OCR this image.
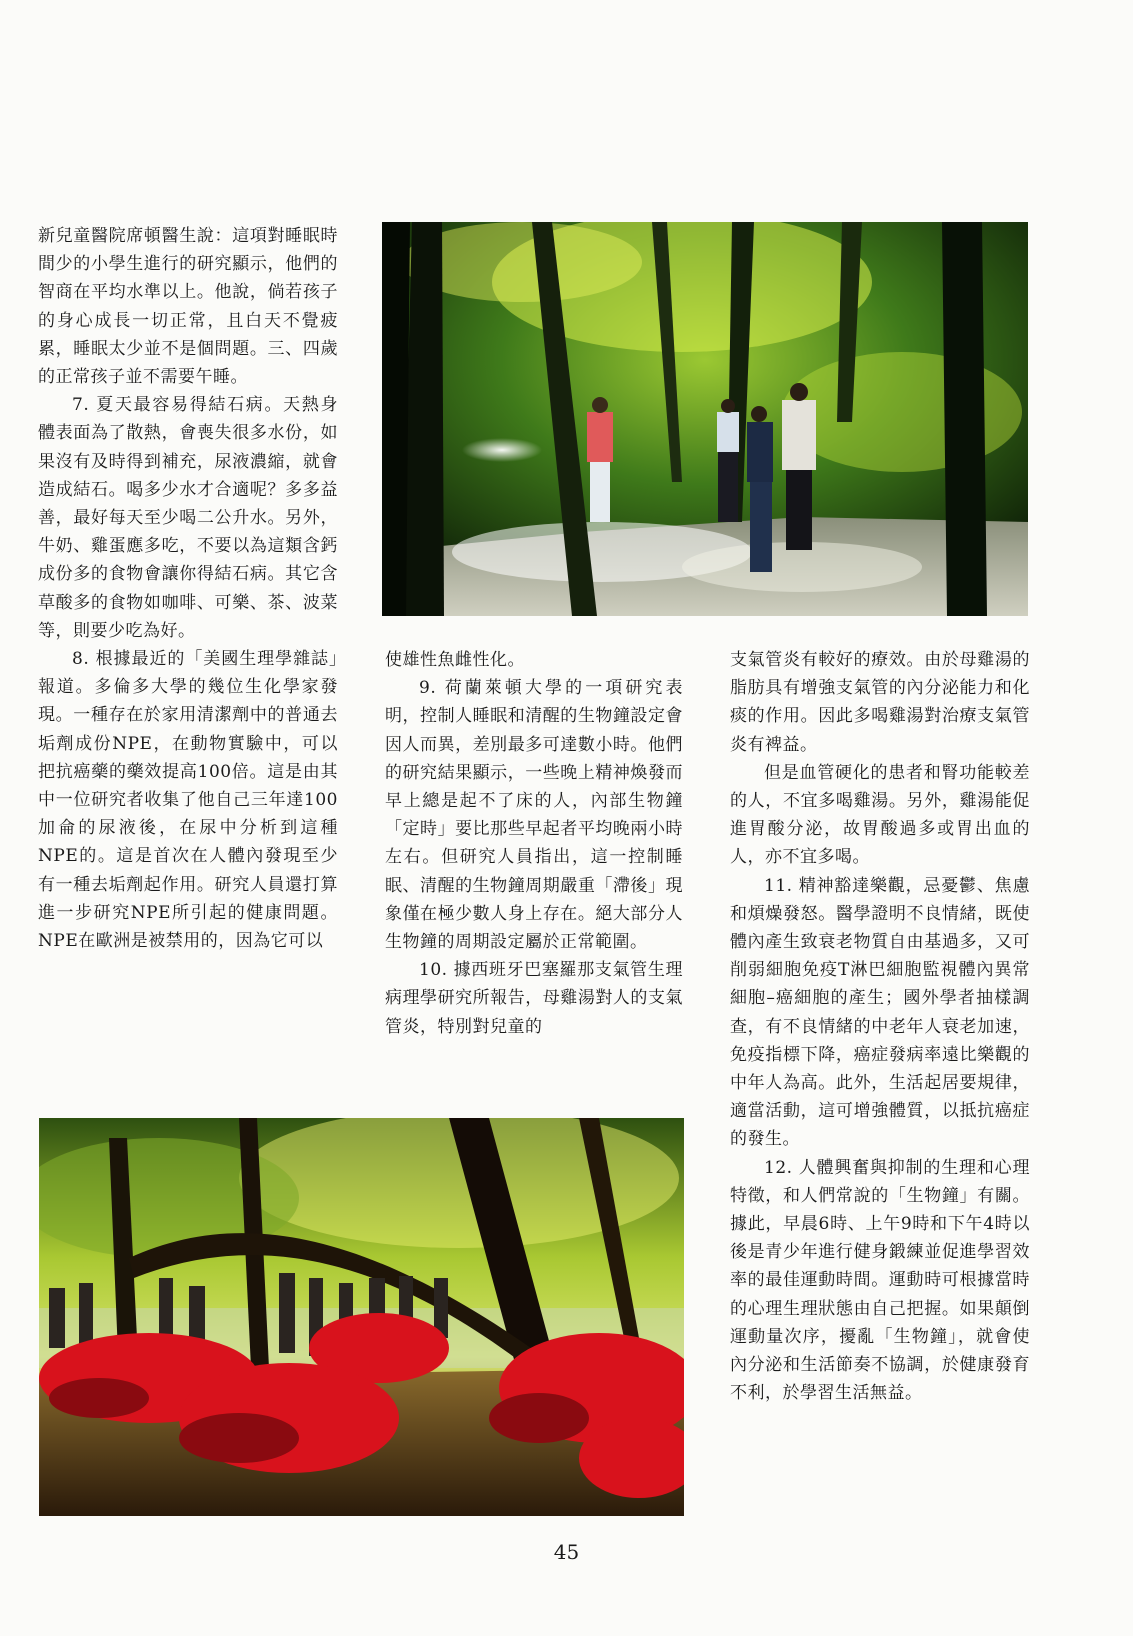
新兒童醫院席頓醫生說：這項對睡眠時間少的小學生進行的研究顯示，他們的智商在平均水準以上。他說，倘若孩子的身心成長一切正常，且白天不覺疲累，睡眠太少並不是個問題。三、四歲的正常孩子並不需要午睡。

7. 夏天最容易得結石病。天熱身體表面為了散熱，會喪失很多水份，如果沒有及時得到補充，尿液濃縮，就會造成結石。喝多少水才合適呢？多多益善，最好每天至少喝二公升水。另外，牛奶、雞蛋應多吃，不要以為這類含鈣成份多的食物會讓你得結石病。其它含草酸多的食物如咖啡、可樂、茶、波菜等，則要少吃為好。

8. 根據最近的「美國生理學雜誌」報道。多倫多大學的幾位生化學家發現。一種存在於家用清潔劑中的普通去垢劑成份NPE，在動物實驗中，可以把抗癌藥的藥效提高100倍。這是由其中一位研究者收集了他自己三年達100加侖的尿液後，在尿中分析到這種NPE的。這是首次在人體內發現至少有一種去垢劑起作用。研究人員還打算進一步研究NPE所引起的健康問題。NPE在歐洲是被禁用的，因為它可以

使雄性魚雌性化。

9. 荷蘭萊頓大學的一項研究表明，控制人睡眠和清醒的生物鐘設定會因人而異，差別最多可達數小時。他們的研究結果顯示，一些晚上精神煥發而早上總是起不了床的人，內部生物鐘「定時」要比那些早起者平均晚兩小時左右。但研究人員指出，這一控制睡眠、清醒的生物鐘周期嚴重「滯後」現象僅在極少數人身上存在。絕大部分人生物鐘的周期設定屬於正常範圍。

10. 據西班牙巴塞羅那支氣管生理病理學研究所報告，母雞湯對人的支氣管炎，特別對兒童的

支氣管炎有較好的療效。由於母雞湯的脂肪具有增強支氣管的內分泌能力和化痰的作用。因此多喝雞湯對治療支氣管炎有裨益。

但是血管硬化的患者和腎功能較差的人，不宜多喝雞湯。另外，雞湯能促進胃酸分泌，故胃酸過多或胃出血的人，亦不宜多喝。

11. 精神豁達樂觀，忌憂鬱、焦慮和煩燥發怒。醫學證明不良情緒，既使體內產生致衰老物質自由基過多，又可削弱細胞免疫T淋巴細胞監視體內異常細胞–癌細胞的產生；國外學者抽樣調查，有不良情緒的中老年人衰老加速，免疫指標下降，癌症發病率遠比樂觀的中年人為高。此外，生活起居要規律，適當活動，這可增強體質，以抵抗癌症的發生。

12. 人體興奮與抑制的生理和心理特徵，和人們常說的「生物鐘」有關。據此，早晨6時、上午9時和下午4時以後是青少年進行健身鍛練並促進學習效率的最佳運動時間。運動時可根據當時的心理生理狀態由自己把握。如果顛倒運動量次序，擾亂「生物鐘」，就會使內分泌和生活節奏不協調，於健康發育不利，於學習生活無益。

45
